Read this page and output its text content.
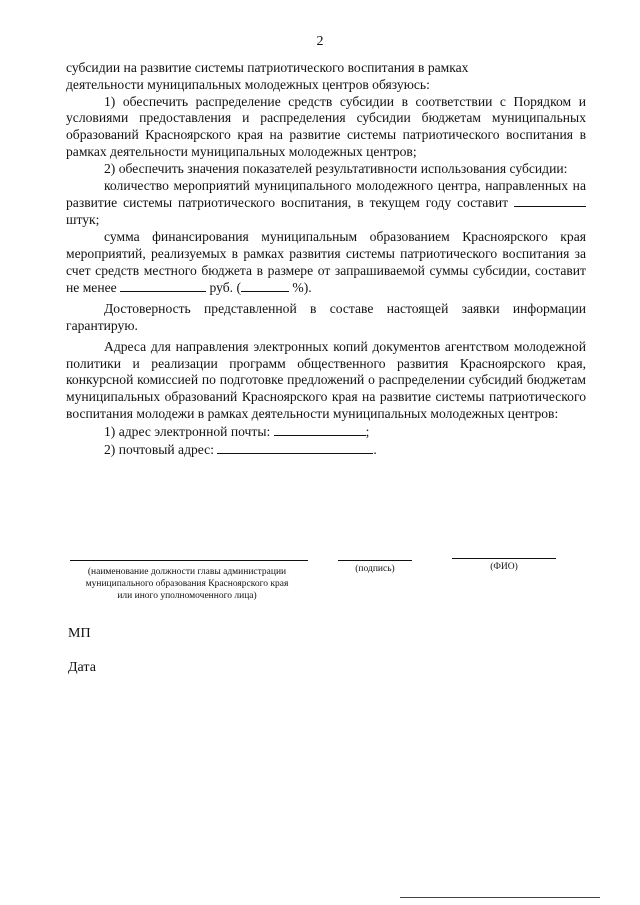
2

субсидии на развитие системы патриотического воспитания в рамках

деятельности муниципальных молодежных центров обязуюсь:

1) обеспечить распределение средств субсидии в соответствии с Порядком и условиями предоставления и распределения субсидии бюджетам муниципальных образований Красноярского края на развитие системы патриотического воспитания в рамках деятельности муниципальных молодежных центров;

2) обеспечить значения показателей результативности использования субсидии:

количество мероприятий муниципального молодежного центра, направленных на развитие системы патриотического воспитания, в текущем году составит  штук;

сумма финансирования муниципальным образованием Красноярского края мероприятий, реализуемых в рамках развития системы патриотического воспитания за счет средств местного бюджета в размере от запрашиваемой суммы субсидии, составит не менее	руб. (	%).

Достоверность представленной в составе настоящей заявки информации гарантирую.

Адреса для направления электронных копий документов агентством молодежной политики и реализации программ общественного развития Красноярского края, конкурсной комиссией по подготовке предложений о распределении субсидий бюджетам муниципальных образований Красноярского края на развитие системы патриотического воспитания молодежи в рамках деятельности муниципальных молодежных центров:

1) адрес электронной почты:	;

2) почтовый адрес:	.

(наименование должности главы администрации
муниципального образования Красноярского края
или иного уполномоченного лица)
(подпись)	(ФИО)
МП
Дата
